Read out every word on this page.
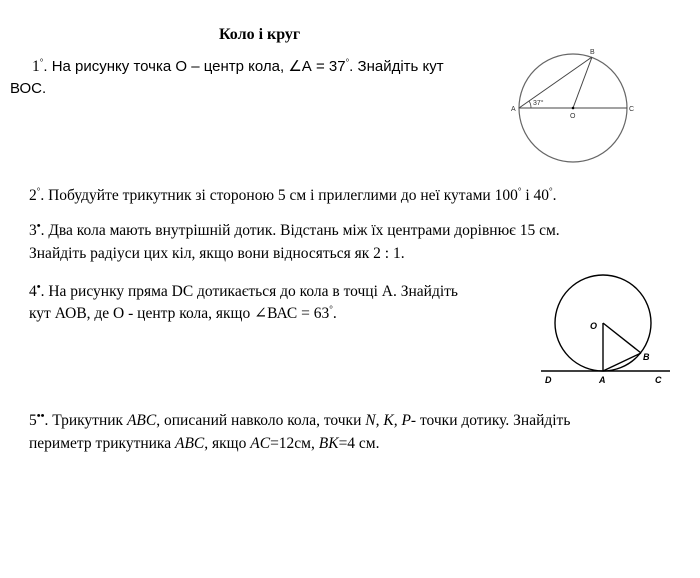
Коло і круг
1°. На рисунку точка О – центр кола, ∠А = 37°. Знайдіть кут
ВОС.
37°
A
B
C
O
2°. Побудуйте трикутник зі стороною 5 см і прилеглими до неї кутами 100° і 40°.
3•. Два кола мають внутрішній дотик. Відстань між їх центрами дорівнює 15 см.
Знайдіть радіуси цих кіл, якщо вони відносяться як 2 : 1.
4•. На рисунку пряма DC дотикається до кола в точці А. Знайдіть
кут АОВ, де О - центр кола, якщо ∠ВАС = 63°.
O
B
D	A	C
5••. Трикутник ABC, описаний навколо кола, точки N, K, P- точки дотику. Знайдіть
периметр трикутника ABC, якщо AC=12см, BK=4 см.
